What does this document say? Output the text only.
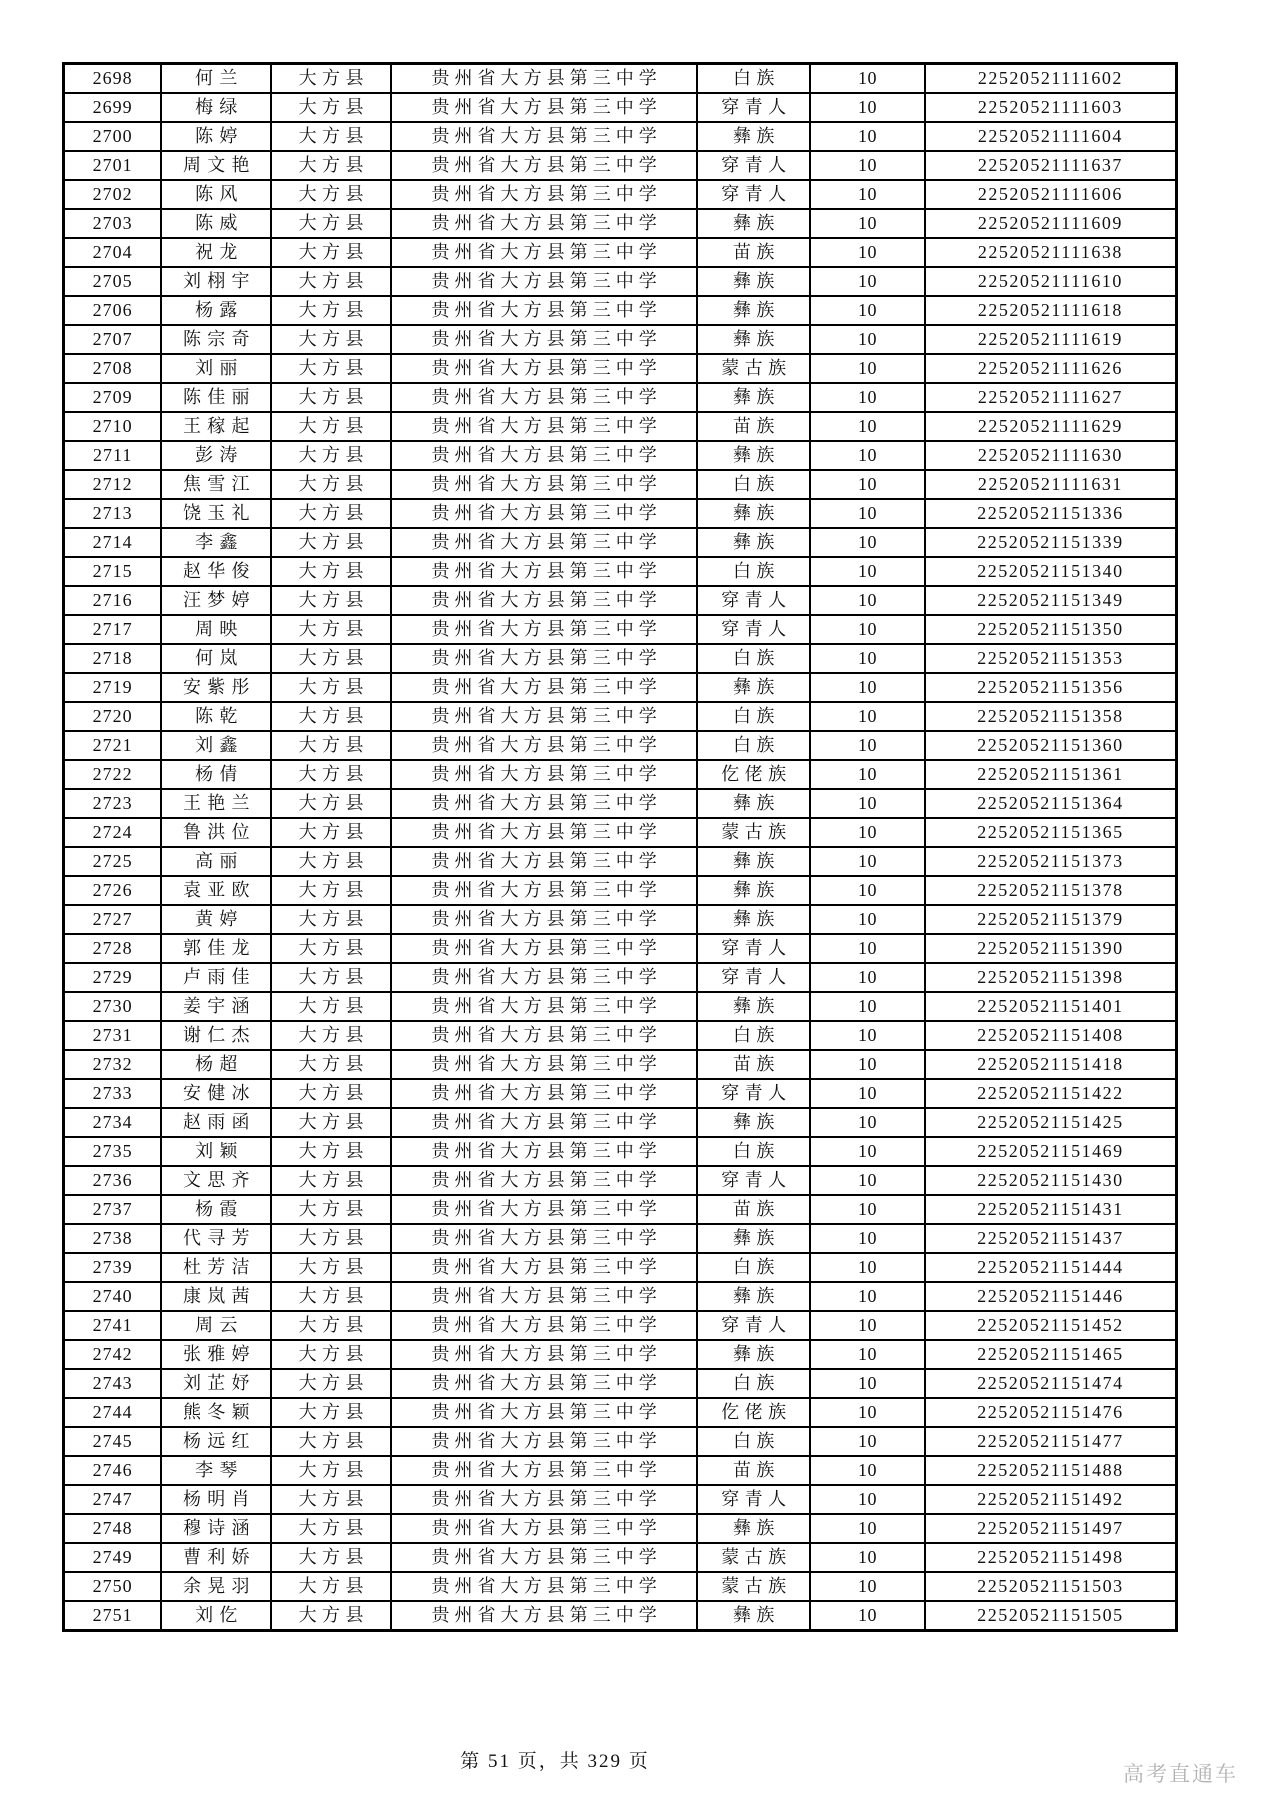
2698	何兰	大方县	贵州省大方县第三中学	白族	10	22520521111602
2699	梅绿	大方县	贵州省大方县第三中学	穿青人	10	22520521111603
2700	陈婷	大方县	贵州省大方县第三中学	彝族	10	22520521111604
2701	周文艳	大方县	贵州省大方县第三中学	穿青人	10	22520521111637
2702	陈风	大方县	贵州省大方县第三中学	穿青人	10	22520521111606
2703	陈威	大方县	贵州省大方县第三中学	彝族	10	22520521111609
2704	祝龙	大方县	贵州省大方县第三中学	苗族	10	22520521111638
2705	刘栩宇	大方县	贵州省大方县第三中学	彝族	10	22520521111610
2706	杨露	大方县	贵州省大方县第三中学	彝族	10	22520521111618
2707	陈宗奇	大方县	贵州省大方县第三中学	彝族	10	22520521111619
2708	刘丽	大方县	贵州省大方县第三中学	蒙古族	10	22520521111626
2709	陈佳丽	大方县	贵州省大方县第三中学	彝族	10	22520521111627
2710	王稼起	大方县	贵州省大方县第三中学	苗族	10	22520521111629
2711	彭涛	大方县	贵州省大方县第三中学	彝族	10	22520521111630
2712	焦雪江	大方县	贵州省大方县第三中学	白族	10	22520521111631
2713	饶玉礼	大方县	贵州省大方县第三中学	彝族	10	22520521151336
2714	李鑫	大方县	贵州省大方县第三中学	彝族	10	22520521151339
2715	赵华俊	大方县	贵州省大方县第三中学	白族	10	22520521151340
2716	汪梦婷	大方县	贵州省大方县第三中学	穿青人	10	22520521151349
2717	周映	大方县	贵州省大方县第三中学	穿青人	10	22520521151350
2718	何岚	大方县	贵州省大方县第三中学	白族	10	22520521151353
2719	安紫彤	大方县	贵州省大方县第三中学	彝族	10	22520521151356
2720	陈乾	大方县	贵州省大方县第三中学	白族	10	22520521151358
2721	刘鑫	大方县	贵州省大方县第三中学	白族	10	22520521151360
2722	杨倩	大方县	贵州省大方县第三中学	仡佬族	10	22520521151361
2723	王艳兰	大方县	贵州省大方县第三中学	彝族	10	22520521151364
2724	鲁洪位	大方县	贵州省大方县第三中学	蒙古族	10	22520521151365
2725	高丽	大方县	贵州省大方县第三中学	彝族	10	22520521151373
2726	袁亚欧	大方县	贵州省大方县第三中学	彝族	10	22520521151378
2727	黄婷	大方县	贵州省大方县第三中学	彝族	10	22520521151379
2728	郭佳龙	大方县	贵州省大方县第三中学	穿青人	10	22520521151390
2729	卢雨佳	大方县	贵州省大方县第三中学	穿青人	10	22520521151398
2730	姜宇涵	大方县	贵州省大方县第三中学	彝族	10	22520521151401
2731	谢仁杰	大方县	贵州省大方县第三中学	白族	10	22520521151408
2732	杨超	大方县	贵州省大方县第三中学	苗族	10	22520521151418
2733	安健冰	大方县	贵州省大方县第三中学	穿青人	10	22520521151422
2734	赵雨函	大方县	贵州省大方县第三中学	彝族	10	22520521151425
2735	刘颖	大方县	贵州省大方县第三中学	白族	10	22520521151469
2736	文思齐	大方县	贵州省大方县第三中学	穿青人	10	22520521151430
2737	杨霞	大方县	贵州省大方县第三中学	苗族	10	22520521151431
2738	代寻芳	大方县	贵州省大方县第三中学	彝族	10	22520521151437
2739	杜芳洁	大方县	贵州省大方县第三中学	白族	10	22520521151444
2740	康岚茜	大方县	贵州省大方县第三中学	彝族	10	22520521151446
2741	周云	大方县	贵州省大方县第三中学	穿青人	10	22520521151452
2742	张雅婷	大方县	贵州省大方县第三中学	彝族	10	22520521151465
2743	刘芷妤	大方县	贵州省大方县第三中学	白族	10	22520521151474
2744	熊冬颖	大方县	贵州省大方县第三中学	仡佬族	10	22520521151476
2745	杨远红	大方县	贵州省大方县第三中学	白族	10	22520521151477
2746	李琴	大方县	贵州省大方县第三中学	苗族	10	22520521151488
2747	杨明肖	大方县	贵州省大方县第三中学	穿青人	10	22520521151492
2748	穆诗涵	大方县	贵州省大方县第三中学	彝族	10	22520521151497
2749	曹利娇	大方县	贵州省大方县第三中学	蒙古族	10	22520521151498
2750	余晃羽	大方县	贵州省大方县第三中学	蒙古族	10	22520521151503
2751	刘仡	大方县	贵州省大方县第三中学	彝族	10	22520521151505
第 51 页，共 329 页
高考直通车
